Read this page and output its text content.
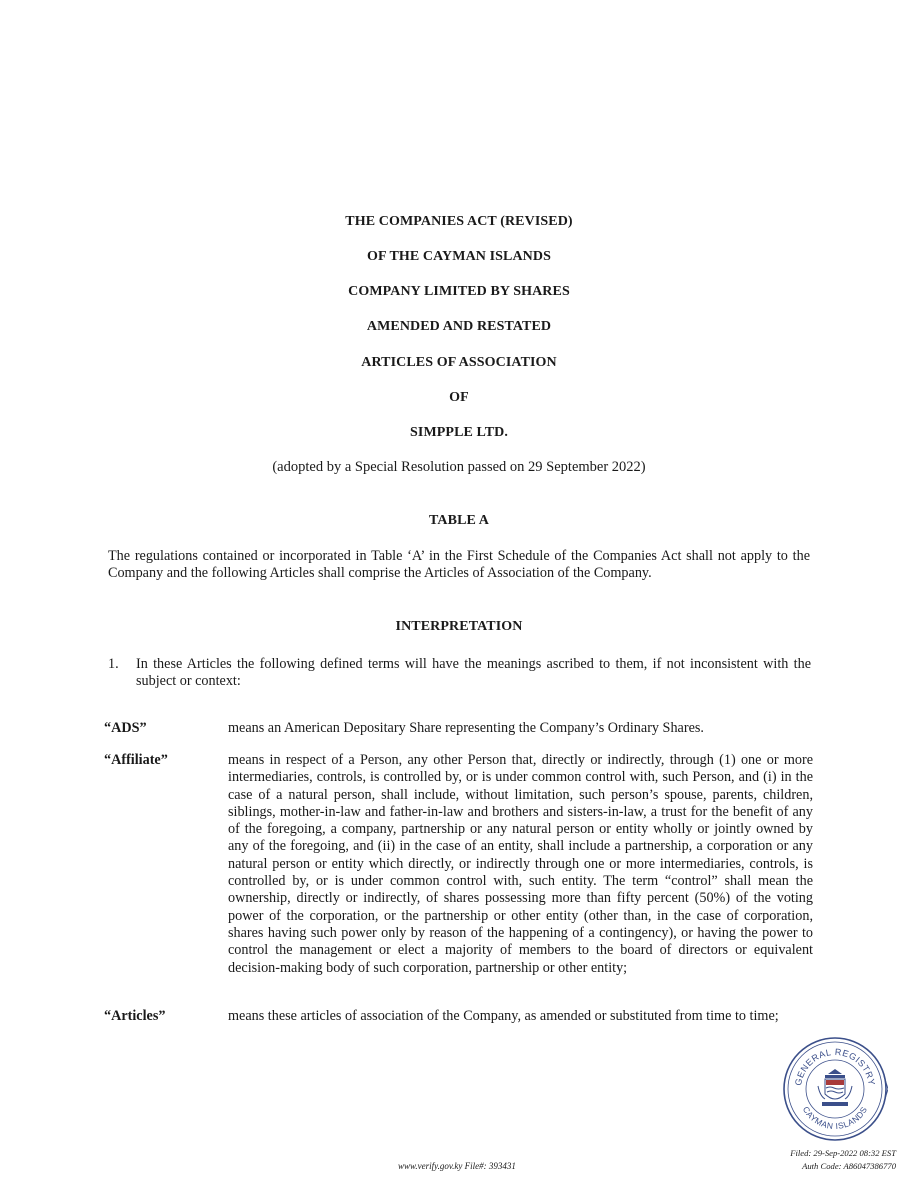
THE COMPANIES ACT (REVISED)
OF THE CAYMAN ISLANDS
COMPANY LIMITED BY SHARES
AMENDED AND RESTATED
ARTICLES OF ASSOCIATION
OF
SIMPPLE LTD.
(adopted by a Special Resolution passed on 29 September 2022)
TABLE A
The regulations contained or incorporated in Table ‘A’ in the First Schedule of the Companies Act shall not apply to the Company and the following Articles shall comprise the Articles of Association of the Company.
INTERPRETATION
1. In these Articles the following defined terms will have the meanings ascribed to them, if not inconsistent with the subject or context:
“ADS”	means an American Depositary Share representing the Company’s Ordinary Shares.
“Affiliate”	means in respect of a Person, any other Person that, directly or indirectly, through (1) one or more intermediaries, controls, is controlled by, or is under common control with, such Person, and (i) in the case of a natural person, shall include, without limitation, such person’s spouse, parents, children, siblings, mother-in-law and father-in-law and brothers and sisters-in-law, a trust for the benefit of any of the foregoing, a company, partnership or any natural person or entity wholly or jointly owned by any of the foregoing, and (ii) in the case of an entity, shall include a partnership, a corporation or any natural person or entity which directly, or indirectly through one or more intermediaries, controls, is controlled by, or is under common control with, such entity. The term “control” shall mean the ownership, directly or indirectly, of shares possessing more than fifty percent (50%) of the voting power of the corporation, or the partnership or other entity (other than, in the case of corporation, shares having such power only by reason of the happening of a contingency), or having the power to control the management or elect a majority of members to the board of directors or equivalent decision-making body of such corporation, partnership or other entity;
“Articles”	means these articles of association of the Company, as amended or substituted from time to time;
GENERAL REGISTRY
CAYMAN ISLANDS
www.verify.gov.ky File#: 393431
Filed: 29-Sep-2022 08:32 EST
Auth Code: A86047386770
